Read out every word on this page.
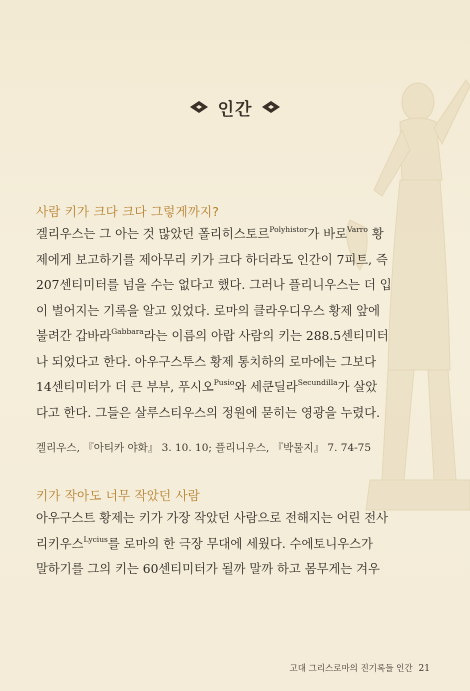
인간
사람 키가 크다 크다 그렇게까지?

겔리우스는 그 아는 것 많았던 폴리히스토르$^{Polyhistor}$가 바로$^{Varro}$ 황

제에게 보고하기를 제아무리 키가 크다 하더라도 인간이 7피트, 즉

207센티미터를 넘을 수는 없다고 했다. 그러나 플리니우스는 더 입

이 벌어지는 기록을 알고 있었다. 로마의 클라우디우스 황제 앞에

불려간 갑바라$^{Gabbara}$라는 이름의 아랍 사람의 키는 288.5센티미터

나 되었다고 한다. 아우구스투스 황제 통치하의 로마에는 그보다

14센티미터가 더 큰 부부, 푸시오$^{Pusio}$와 세쿤딜라$^{Secundilla}$가 살았

다고 한다. 그들은 살루스티우스의 정원에 묻히는 영광을 누렸다.

겔리우스, 『아티카 야화』 3. 10. 10; 플리니우스, 『박물지』 7. 74-75
키가 작아도 너무 작았던 사람

아우구스트 황제는 키가 가장 작았던 사람으로 전해지는 어린 전사

리키우스$^{Lycius}$를 로마의 한 극장 무대에 세웠다. 수에토니우스가

말하기를 그의 키는 60센티미터가 될까 말까 하고 몸무게는 겨우

고대 그리스로마의 진기록들 인간 21
